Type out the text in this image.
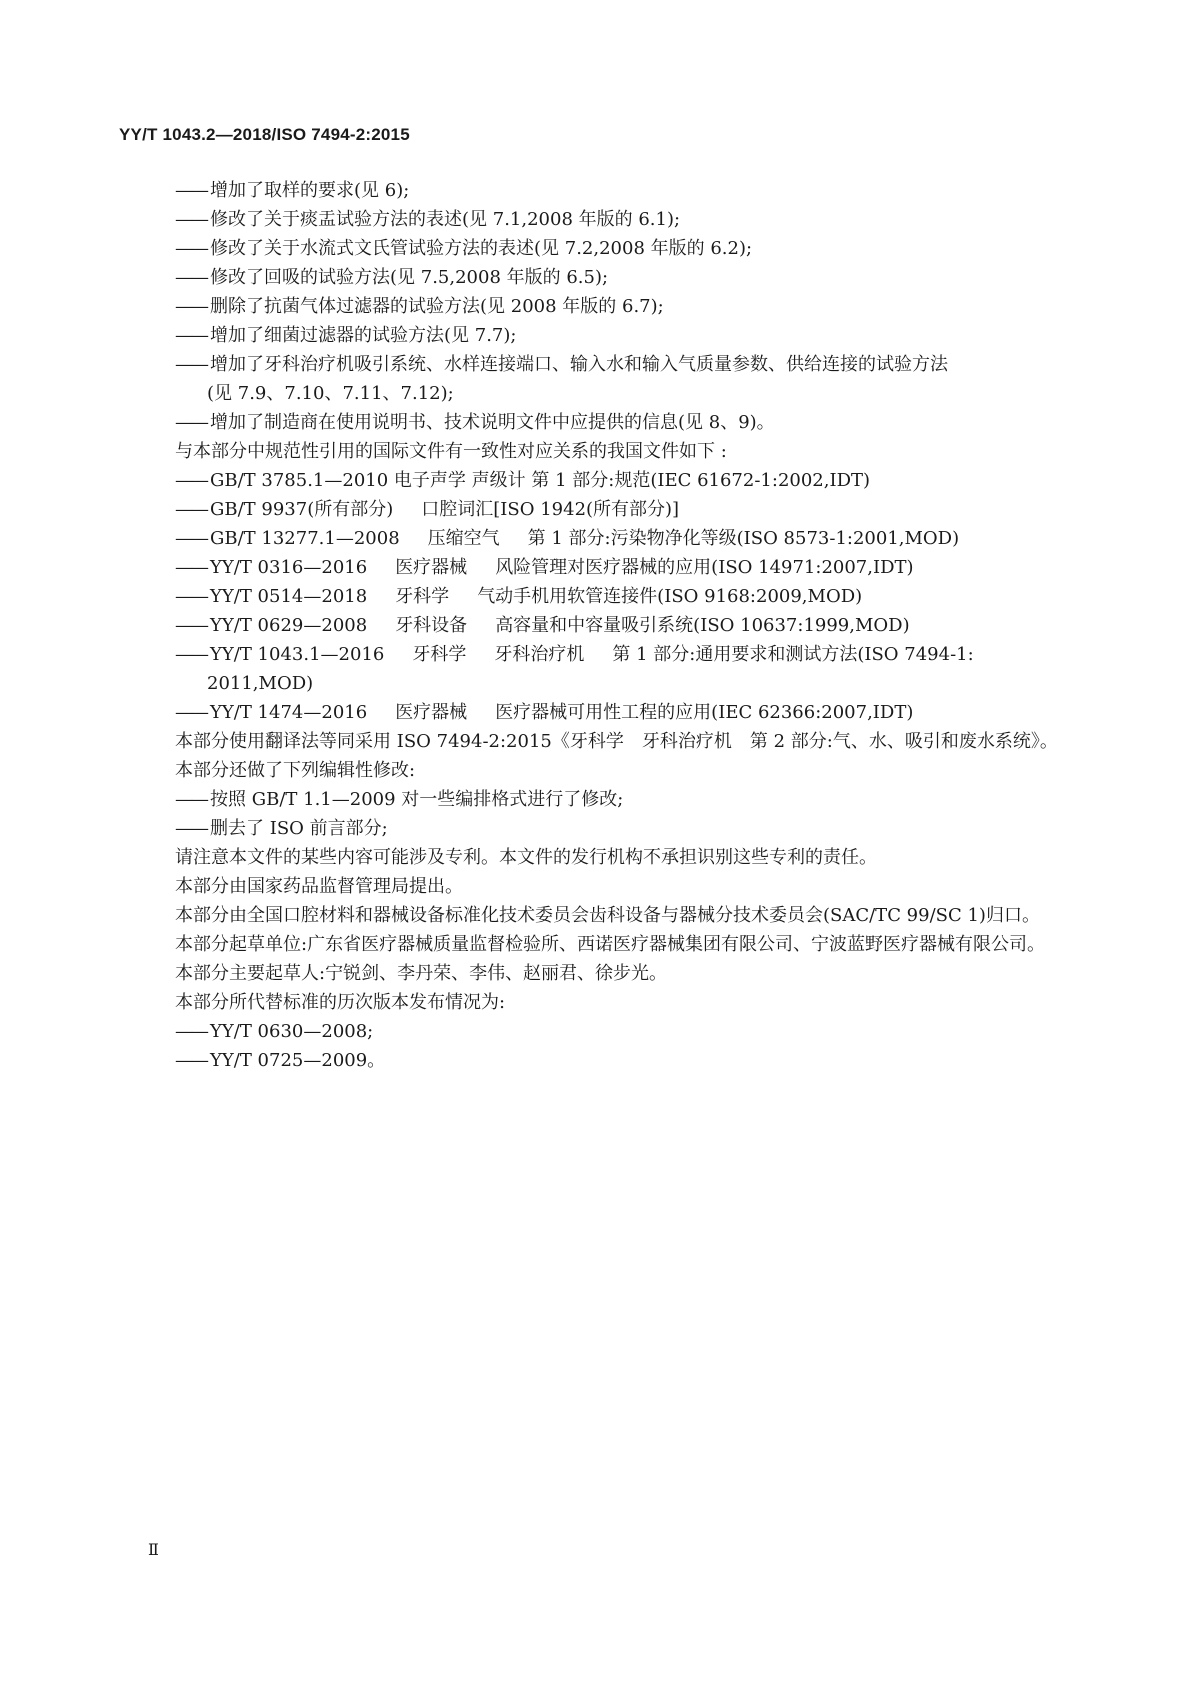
YY/T 1043.2—2018/ISO 7494-2:2015
—— 增加了取样的要求(见 6);
—— 修改了关于痰盂试验方法的表述(见 7.1,2008 年版的 6.1);
—— 修改了关于水流式文氏管试验方法的表述(见 7.2,2008 年版的 6.2);
—— 修改了回吸的试验方法(见 7.5,2008 年版的 6.5);
—— 删除了抗菌气体过滤器的试验方法(见 2008 年版的 6.7);
—— 增加了细菌过滤器的试验方法(见 7.7);
—— 增加了牙科治疗机吸引系统、水样连接端口、输入水和输入气质量参数、供给连接的试验方法
(见 7.9、7.10、7.11、7.12);
—— 增加了制造商在使用说明书、技术说明文件中应提供的信息(见 8、9)。
与本部分中规范性引用的国际文件有一致性对应关系的我国文件如下 :
—— GB/T 3785.1—2010 电子声学 声级计 第 1 部分:规范(IEC 61672-1:2002,IDT)
—— GB/T 9937(所有部分) 口腔词汇[ISO 1942(所有部分)]
—— GB/T 13277.1—2008 压缩空气 第 1 部分:污染物净化等级(ISO 8573-1:2001,MOD)
—— YY/T 0316—2016 医疗器械 风险管理对医疗器械的应用(ISO 14971:2007,IDT)
—— YY/T 0514—2018 牙科学 气动手机用软管连接件(ISO 9168:2009,MOD)
—— YY/T 0629—2008 牙科设备 高容量和中容量吸引系统(ISO 10637:1999,MOD)
—— YY/T 1043.1—2016 牙科学 牙科治疗机 第 1 部分:通用要求和测试方法(ISO 7494-1:
2011,MOD)
—— YY/T 1474—2016 医疗器械 医疗器械可用性工程的应用(IEC 62366:2007,IDT)
本部分使用翻译法等同采用 ISO 7494-2:2015《牙科学　牙科治疗机　第 2 部分:气、水、吸引和废水系统》。
本部分还做了下列编辑性修改:
—— 按照 GB/T 1.1—2009 对一些编排格式进行了修改;
—— 删去了 ISO 前言部分;
请注意本文件的某些内容可能涉及专利。本文件的发行机构不承担识别这些专利的责任。
本部分由国家药品监督管理局提出。
本部分由全国口腔材料和器械设备标准化技术委员会齿科设备与器械分技术委员会(SAC/TC 99/SC 1)归口。
本部分起草单位:广东省医疗器械质量监督检验所、西诺医疗器械集团有限公司、宁波蓝野医疗器械有限公司。
本部分主要起草人:宁锐剑、李丹荣、李伟、赵丽君、徐步光。
本部分所代替标准的历次版本发布情况为:
—— YY/T 0630—2008;
—— YY/T 0725—2009。
Ⅱ
